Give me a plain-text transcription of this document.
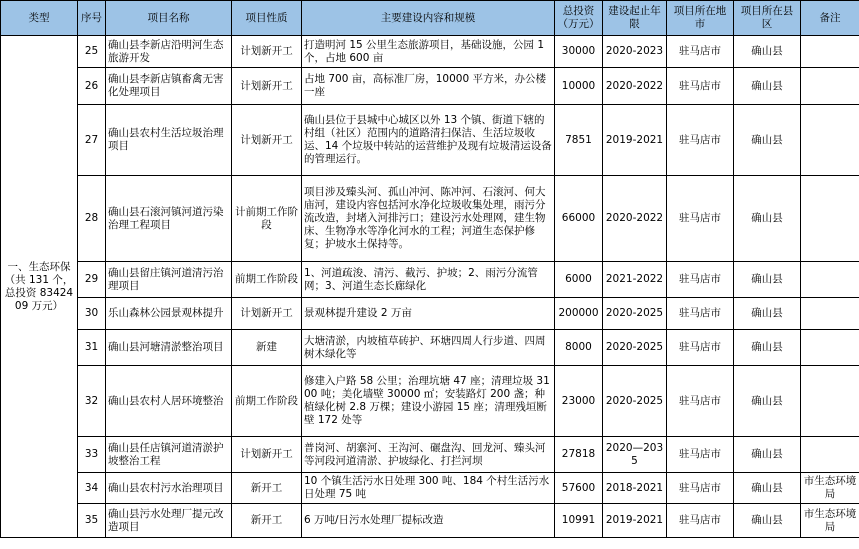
类型	序号	项目名称	项目性质	主要建设内容和规模	总投资（万元）	建设起止年限	项目所在地市	项目所在县区	备注
一、生态环保（共 131 个，总投资 8342409 万元）	25	确山县李新店沿明河生态旅游开发	计划新开工	打造明河 15 公里生态旅游项目，基础设施，公园 1 个，占地 600 亩	30000	2020-2023	驻马店市	确山县	
	26	确山县李新店镇畜禽无害化处理项目	计划新开工	占地 700 亩，高标准厂房，10000 平方米，办公楼一座	10000	2020-2022	驻马店市	确山县	
	27	确山县农村生活垃圾治理项目	计划新开工	确山县位于县城中心城区以外 13 个镇、街道下辖的村组（社区）范围内的道路清扫保洁、生活垃圾收运、14 个垃圾中转站的运营维护及现有垃圾清运设备的管理运行。	7851	2019-2021	驻马店市	确山县	
	28	确山县石滚河镇河道污染治理工程项目	计前期工作阶段	项目涉及臻头河、孤山冲河、陈冲河、石滚河、何大庙河，建设内容包括河水净化垃圾收集处理，雨污分流改造，封堵入河排污口；建设污水处理网，建生物床、生物净水等净化河水的工程；河道生态保护修复；护坡水土保持等。	66000	2020-2022	驻马店市	确山县	
	29	确山县留庄镇河道清污治理项目	前期工作阶段	1、河道疏浚、清污、截污、护坡；2、雨污分流管网；3、河道生态长廊绿化	6000	2021-2022	驻马店市	确山县	
	30	乐山森林公园景观林提升	计划新开工	景观林提升建设 2 万亩	200000	2020-2025	驻马店市	确山县	
	31	确山县河塘清淤整治项目	新建	大塘清淤，内坡植草砖护、环塘四周人行步道、四周树木绿化等	8000	2020-2025	驻马店市	确山县	
	32	确山县农村人居环境整治	前期工作阶段	修建入户路 58 公里；治理坑塘 47 座；清理垃圾 3100 吨；美化墙壁 30000 ㎡；安装路灯 200 盏；种植绿化树 2.8 万棵；建设小游园 15 座；清理残垣断壁 172 处等	23000	2020-2025	驻马店市	确山县	
	33	确山县任店镇河道清淤护坡整治工程	计划新开工	普岗河、胡寨河、王沟河、碾盘沟、回龙河、臻头河等河段河道清淤、护坡绿化、打拦河坝	27818	2020—2035	驻马店市	确山县	
	34	确山县农村污水治理项目	新开工	10 个镇生活污水日处理 300 吨、184 个村生活污水日处理 75 吨	57600	2018-2021	驻马店市	确山县	市生态环境局
	35	确山县污水处理厂提元改造项目	新开工	6 万吨/日污水处理厂提标改造	10991	2019-2021	驻马店市	确山县	市生态环境局
